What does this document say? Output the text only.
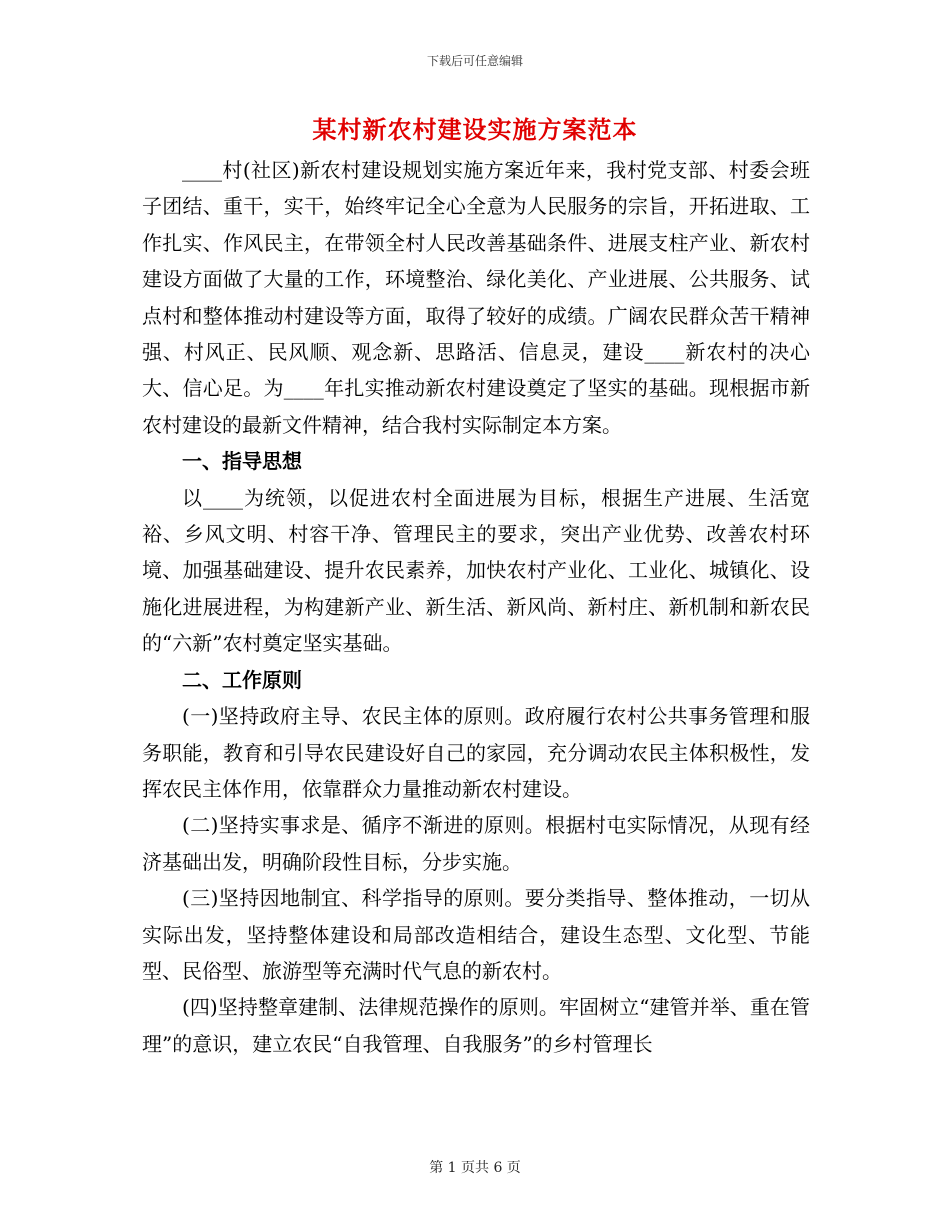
下载后可任意编辑
某村新农村建设实施方案范本

____村(社区)新农村建设规划实施方案近年来，我村党支部、村委会班子团结、重干，实干，始终牢记全心全意为人民服务的宗旨，开拓进取、工作扎实、作风民主，在带领全村人民改善基础条件、进展支柱产业、新农村建设方面做了大量的工作，环境整治、绿化美化、产业进展、公共服务、试点村和整体推动村建设等方面，取得了较好的成绩。广阔农民群众苦干精神强、村风正、民风顺、观念新、思路活、信息灵，建设____新农村的决心大、信心足。为____年扎实推动新农村建设奠定了坚实的基础。现根据市新农村建设的最新文件精神，结合我村实际制定本方案。

一、指导思想

以____为统领，以促进农村全面进展为目标，根据生产进展、生活宽裕、乡风文明、村容干净、管理民主的要求，突出产业优势、改善农村环境、加强基础建设、提升农民素养，加快农村产业化、工业化、城镇化、设施化进展进程，为构建新产业、新生活、新风尚、新村庄、新机制和新农民的“六新”农村奠定坚实基础。

二、工作原则

(一)坚持政府主导、农民主体的原则。政府履行农村公共事务管理和服务职能，教育和引导农民建设好自己的家园，充分调动农民主体积极性，发挥农民主体作用，依靠群众力量推动新农村建设。

(二)坚持实事求是、循序不渐进的原则。根据村屯实际情况，从现有经济基础出发，明确阶段性目标，分步实施。

(三)坚持因地制宜、科学指导的原则。要分类指导、整体推动，一切从实际出发，坚持整体建设和局部改造相结合，建设生态型、文化型、节能型、民俗型、旅游型等充满时代气息的新农村。

(四)坚持整章建制、法律规范操作的原则。牢固树立“建管并举、重在管理”的意识，建立农民“自我管理、自我服务”的乡村管理长

第 1 页共 6 页
